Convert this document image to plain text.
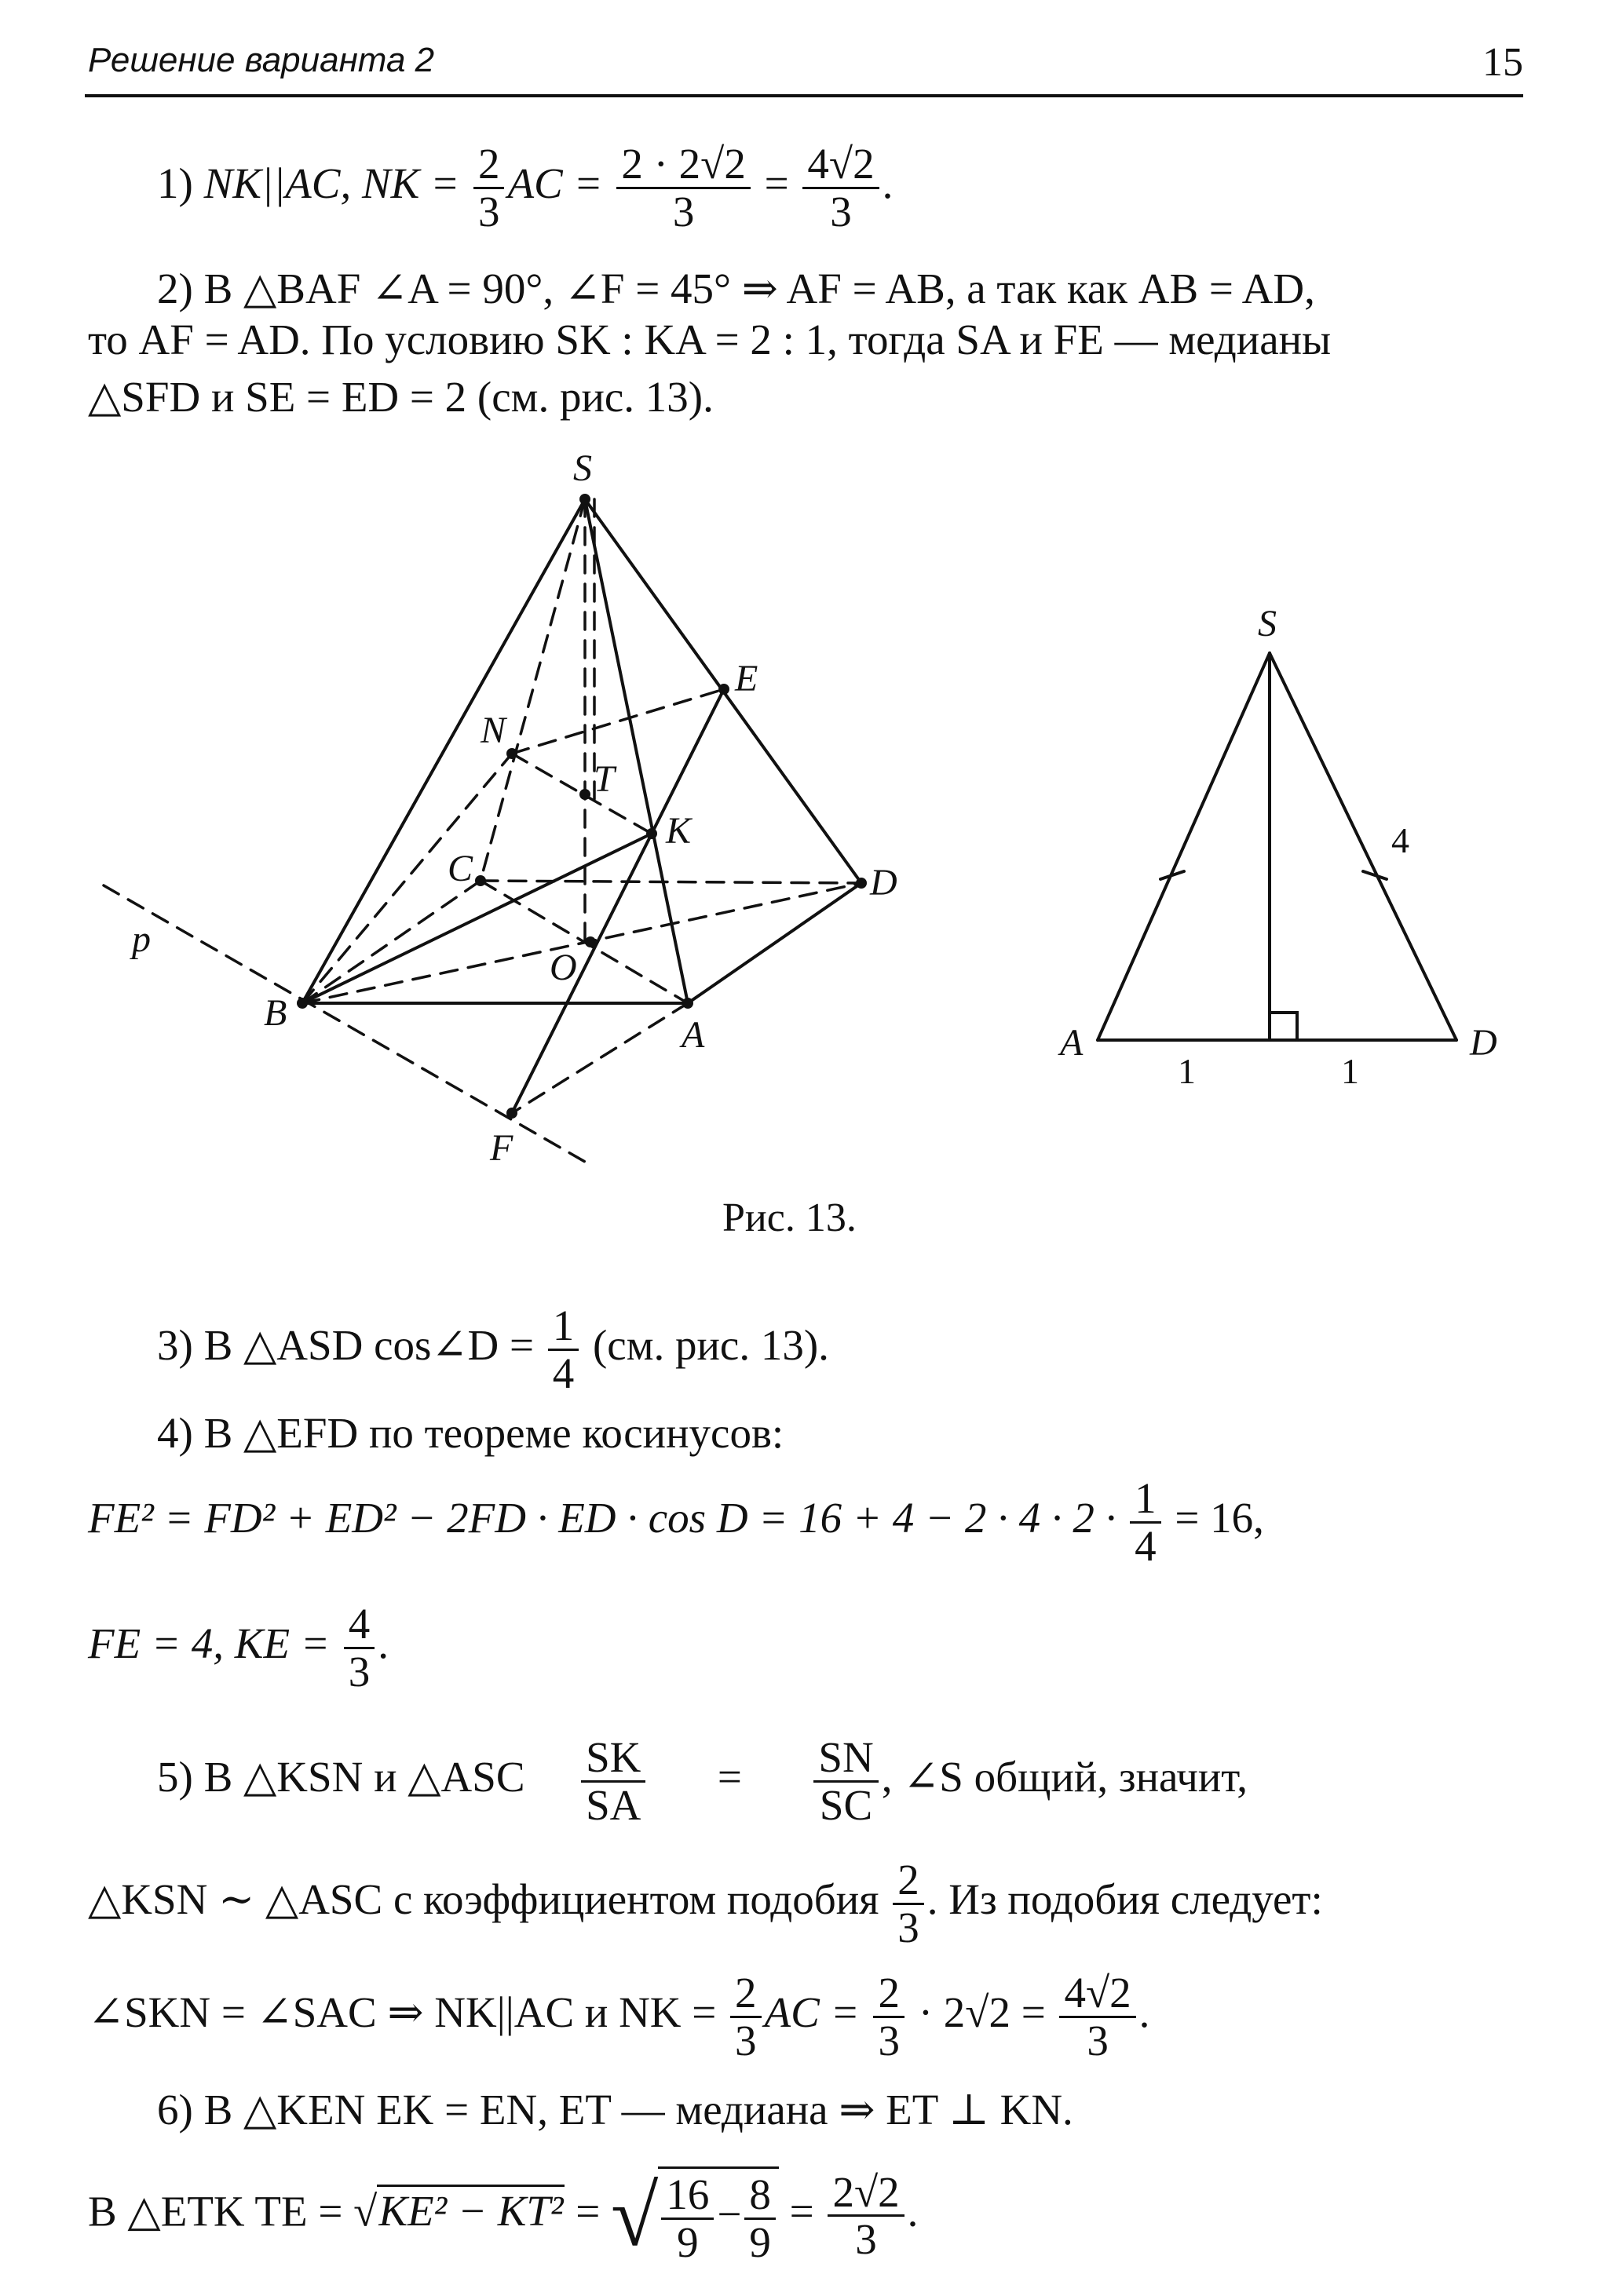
Решение варианта 2	15
1) NK||AC, NK = $\frac{2}{3}$ AC = $\frac{2 \cdot 2√2}{3} = \frac{4√2}{3}$ .
2) В △BAF ∠A = 90°, ∠F = 45° ⇒ AF = AB, а так как AB = AD,
то AF = AD. По условию SK : KA = 2 : 1, тогда SA и FE — медианы
△SFD и SE = ED = 2 (см. рис. 13).
S
E
N
T
K
C	D
p
O
B
A
F
S
A	D
4
1	1
Рис. 13.
3) В △ASD cos∠D = $\frac{1}{4} (см$. рис. 13).
4) В △EFD по теореме косинусов:
FE² = FD² + ED² − 2FD · ED · $\cos D = 16 + 4 - 2 \cdot 4 \cdot 2 \cdot \frac{1}{4} = 16$,
FE = 4, KE = $\frac{4}{3}$ .
5) В △KSN и △ASC $\frac{SK}{SA} = \frac{SN}{SC}$ , ∠S общий, значит,
△KSN ∼ △ASC с коэффициентом подобия $\frac{2}{3}$ . Из подобия следует:
∠SKN = ∠SAC ⇒ NK||AC и NK = $\frac{2}{3}$ AC = $\frac{2}{3} \cdot 2√2 = \frac{4√2}{3}$ .
6) В △KEN EK = EN, ET — медиана ⇒ ET ⊥ KN.
В △ETK TE = √KE² − KT² = √ $\frac{16}{9} - \frac{8}{9} = \frac{2√2}{3}$ .
